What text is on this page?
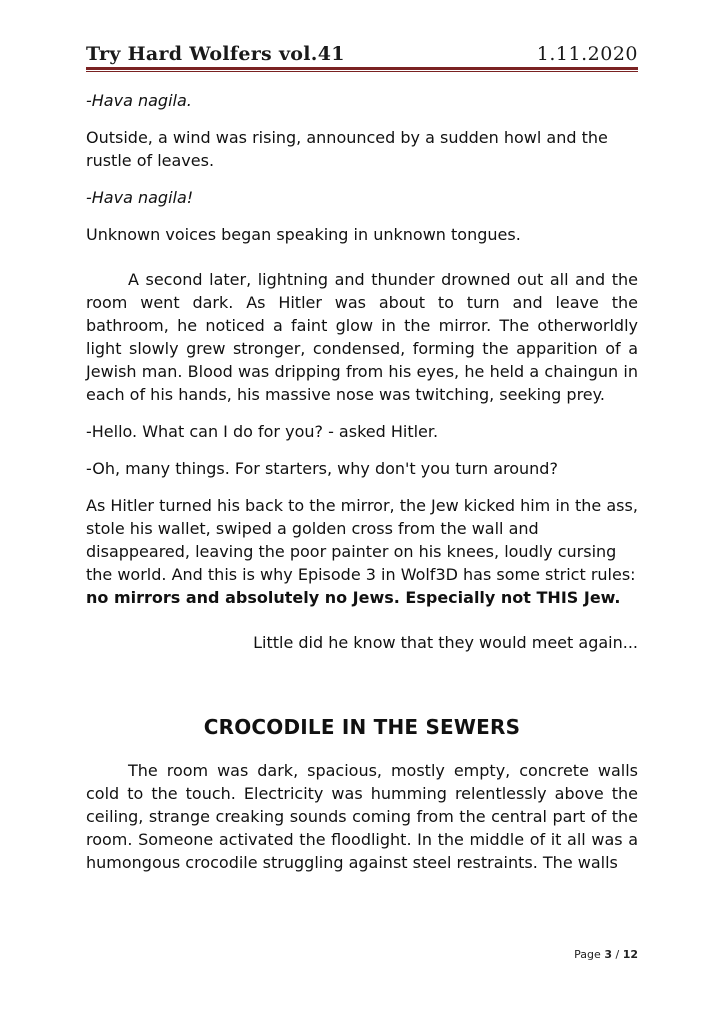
Try Hard Wolfers vol.41	1.11.2020

-Hava nagila.

Outside, a wind was rising, announced by a sudden howl and the rustle of leaves.

-Hava nagila!

Unknown voices began speaking in unknown tongues.

A second later, lightning and thunder drowned out all and the room went dark. As Hitler was about to turn and leave the bathroom, he noticed a faint glow in the mirror. The otherworldly light slowly grew stronger, condensed, forming the apparition of a Jewish man. Blood was dripping from his eyes, he held a chaingun in each of his hands, his massive nose was twitching, seeking prey.

-Hello. What can I do for you? - asked Hitler.

-Oh, many things. For starters, why don't you turn around?

As Hitler turned his back to the mirror, the Jew kicked him in the ass, stole his wallet, swiped a golden cross from the wall and disappeared, leaving the poor painter on his knees, loudly cursing the world. And this is why Episode 3 in Wolf3D has some strict rules: no mirrors and absolutely no Jews. Especially not THIS Jew.

Little did he know that they would meet again...

CROCODILE IN THE SEWERS

The room was dark, spacious, mostly empty, concrete walls cold to the touch. Electricity was humming relentlessly above the ceiling, strange creaking sounds coming from the central part of the room. Someone activated the floodlight. In the middle of it all was a humongous crocodile struggling against steel restraints. The walls

Page 3 / 12
